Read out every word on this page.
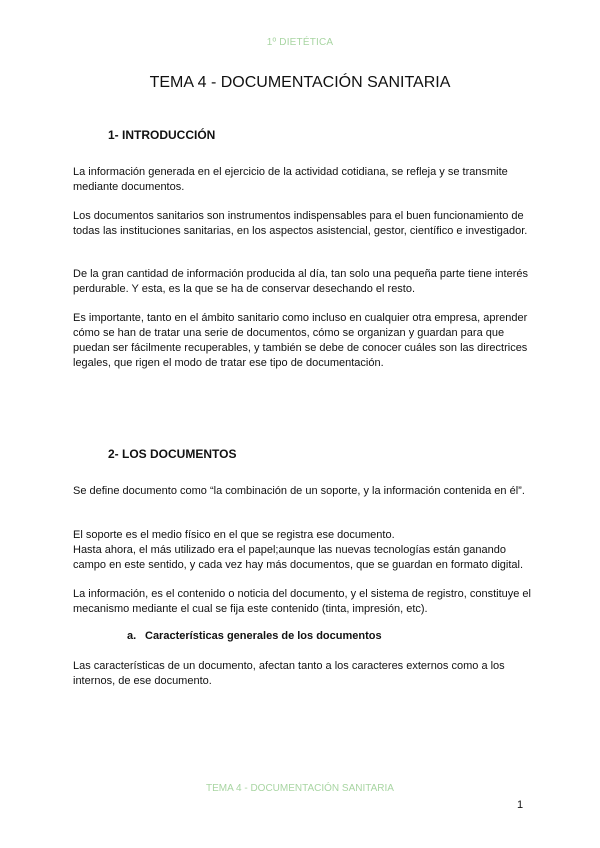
1º DIETÉTICA
TEMA 4 - DOCUMENTACIÓN SANITARIA
1- INTRODUCCIÓN

La información generada en el ejercicio de la actividad cotidiana, se refleja y se transmite mediante documentos.

Los documentos sanitarios son instrumentos indispensables para el buen funcionamiento de todas las instituciones sanitarias, en los aspectos asistencial, gestor, científico e investigador.

De la gran cantidad de información producida al día, tan solo una pequeña parte tiene interés perdurable. Y esta, es la que se ha de conservar desechando el resto.

Es importante, tanto en el ámbito sanitario como incluso en cualquier otra empresa, aprender cómo se han de tratar una serie de documentos, cómo se organizan y guardan para que puedan ser fácilmente recuperables, y también se debe de conocer cuáles son las directrices legales, que rigen el modo de tratar ese tipo de documentación.

2- LOS DOCUMENTOS

Se define documento como “la combinación de un soporte, y la información contenida en él”.

El soporte es el medio físico en el que se registra ese documento.

Hasta ahora, el más utilizado era el papel;aunque las nuevas tecnologías están ganando campo en este sentido, y cada vez hay más documentos, que se guardan en formato digital.

La información, es el contenido o noticia del documento, y el sistema de registro, constituye el mecanismo mediante el cual se fija este contenido (tinta, impresión, etc).

a. Características generales de los documentos

Las características de un documento, afectan tanto a los caracteres externos como a los internos, de ese documento.

TEMA 4 - DOCUMENTACIÓN SANITARIA
1
